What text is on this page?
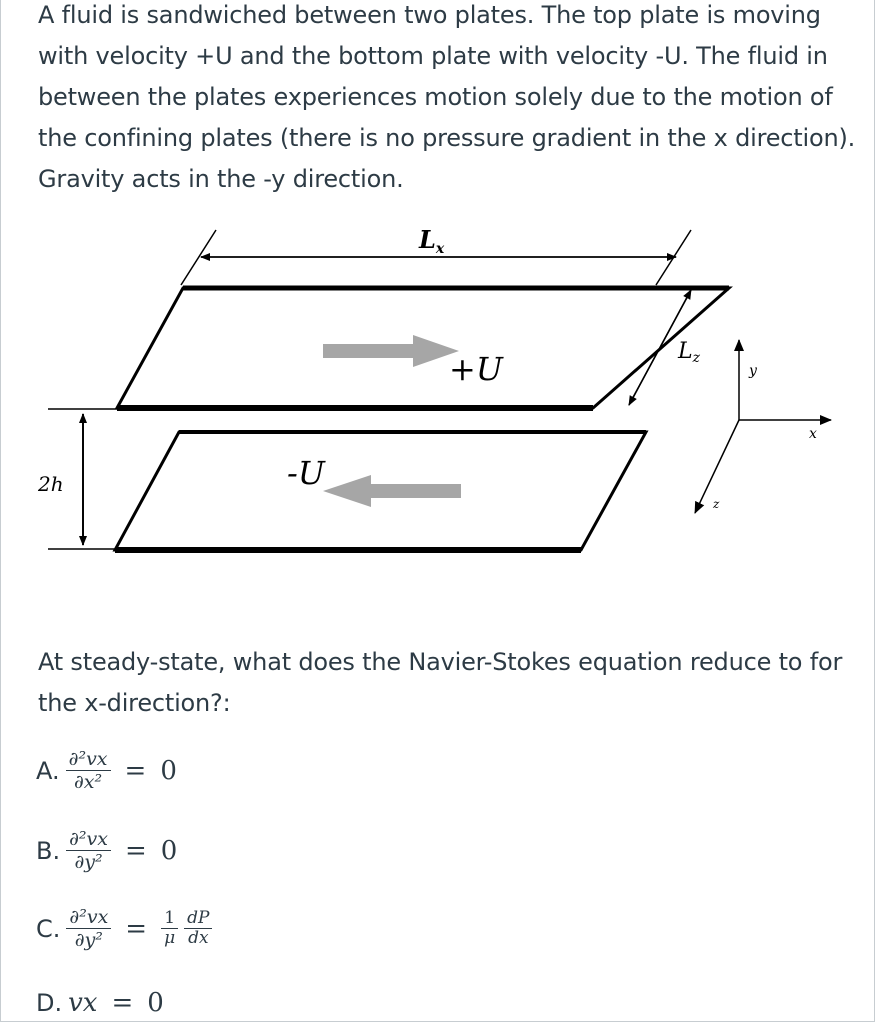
A fluid is sandwiched between two plates. The top plate is moving with velocity +U and the bottom plate with velocity -U. The fluid in between the plates experiences motion solely due to the motion of the confining plates (there is no pressure gradient in the x direction). Gravity acts in the -y direction.

$L_x$
Lz
+U
2h	-U
y
x
z

At steady-state, what does the Navier-Stokes equation reduce to for the x-direction?:

A. $\frac{\text{∂²vx}}{\text{∂x²}} = 0$
B. $\frac{\text{∂²vx}}{\text{∂y²}} = 0$
C. $\frac{\text{∂²vx}}{\text{∂y²}} = \frac{1}{\mu} \frac{dP}{dx}$
D. vx = 0
